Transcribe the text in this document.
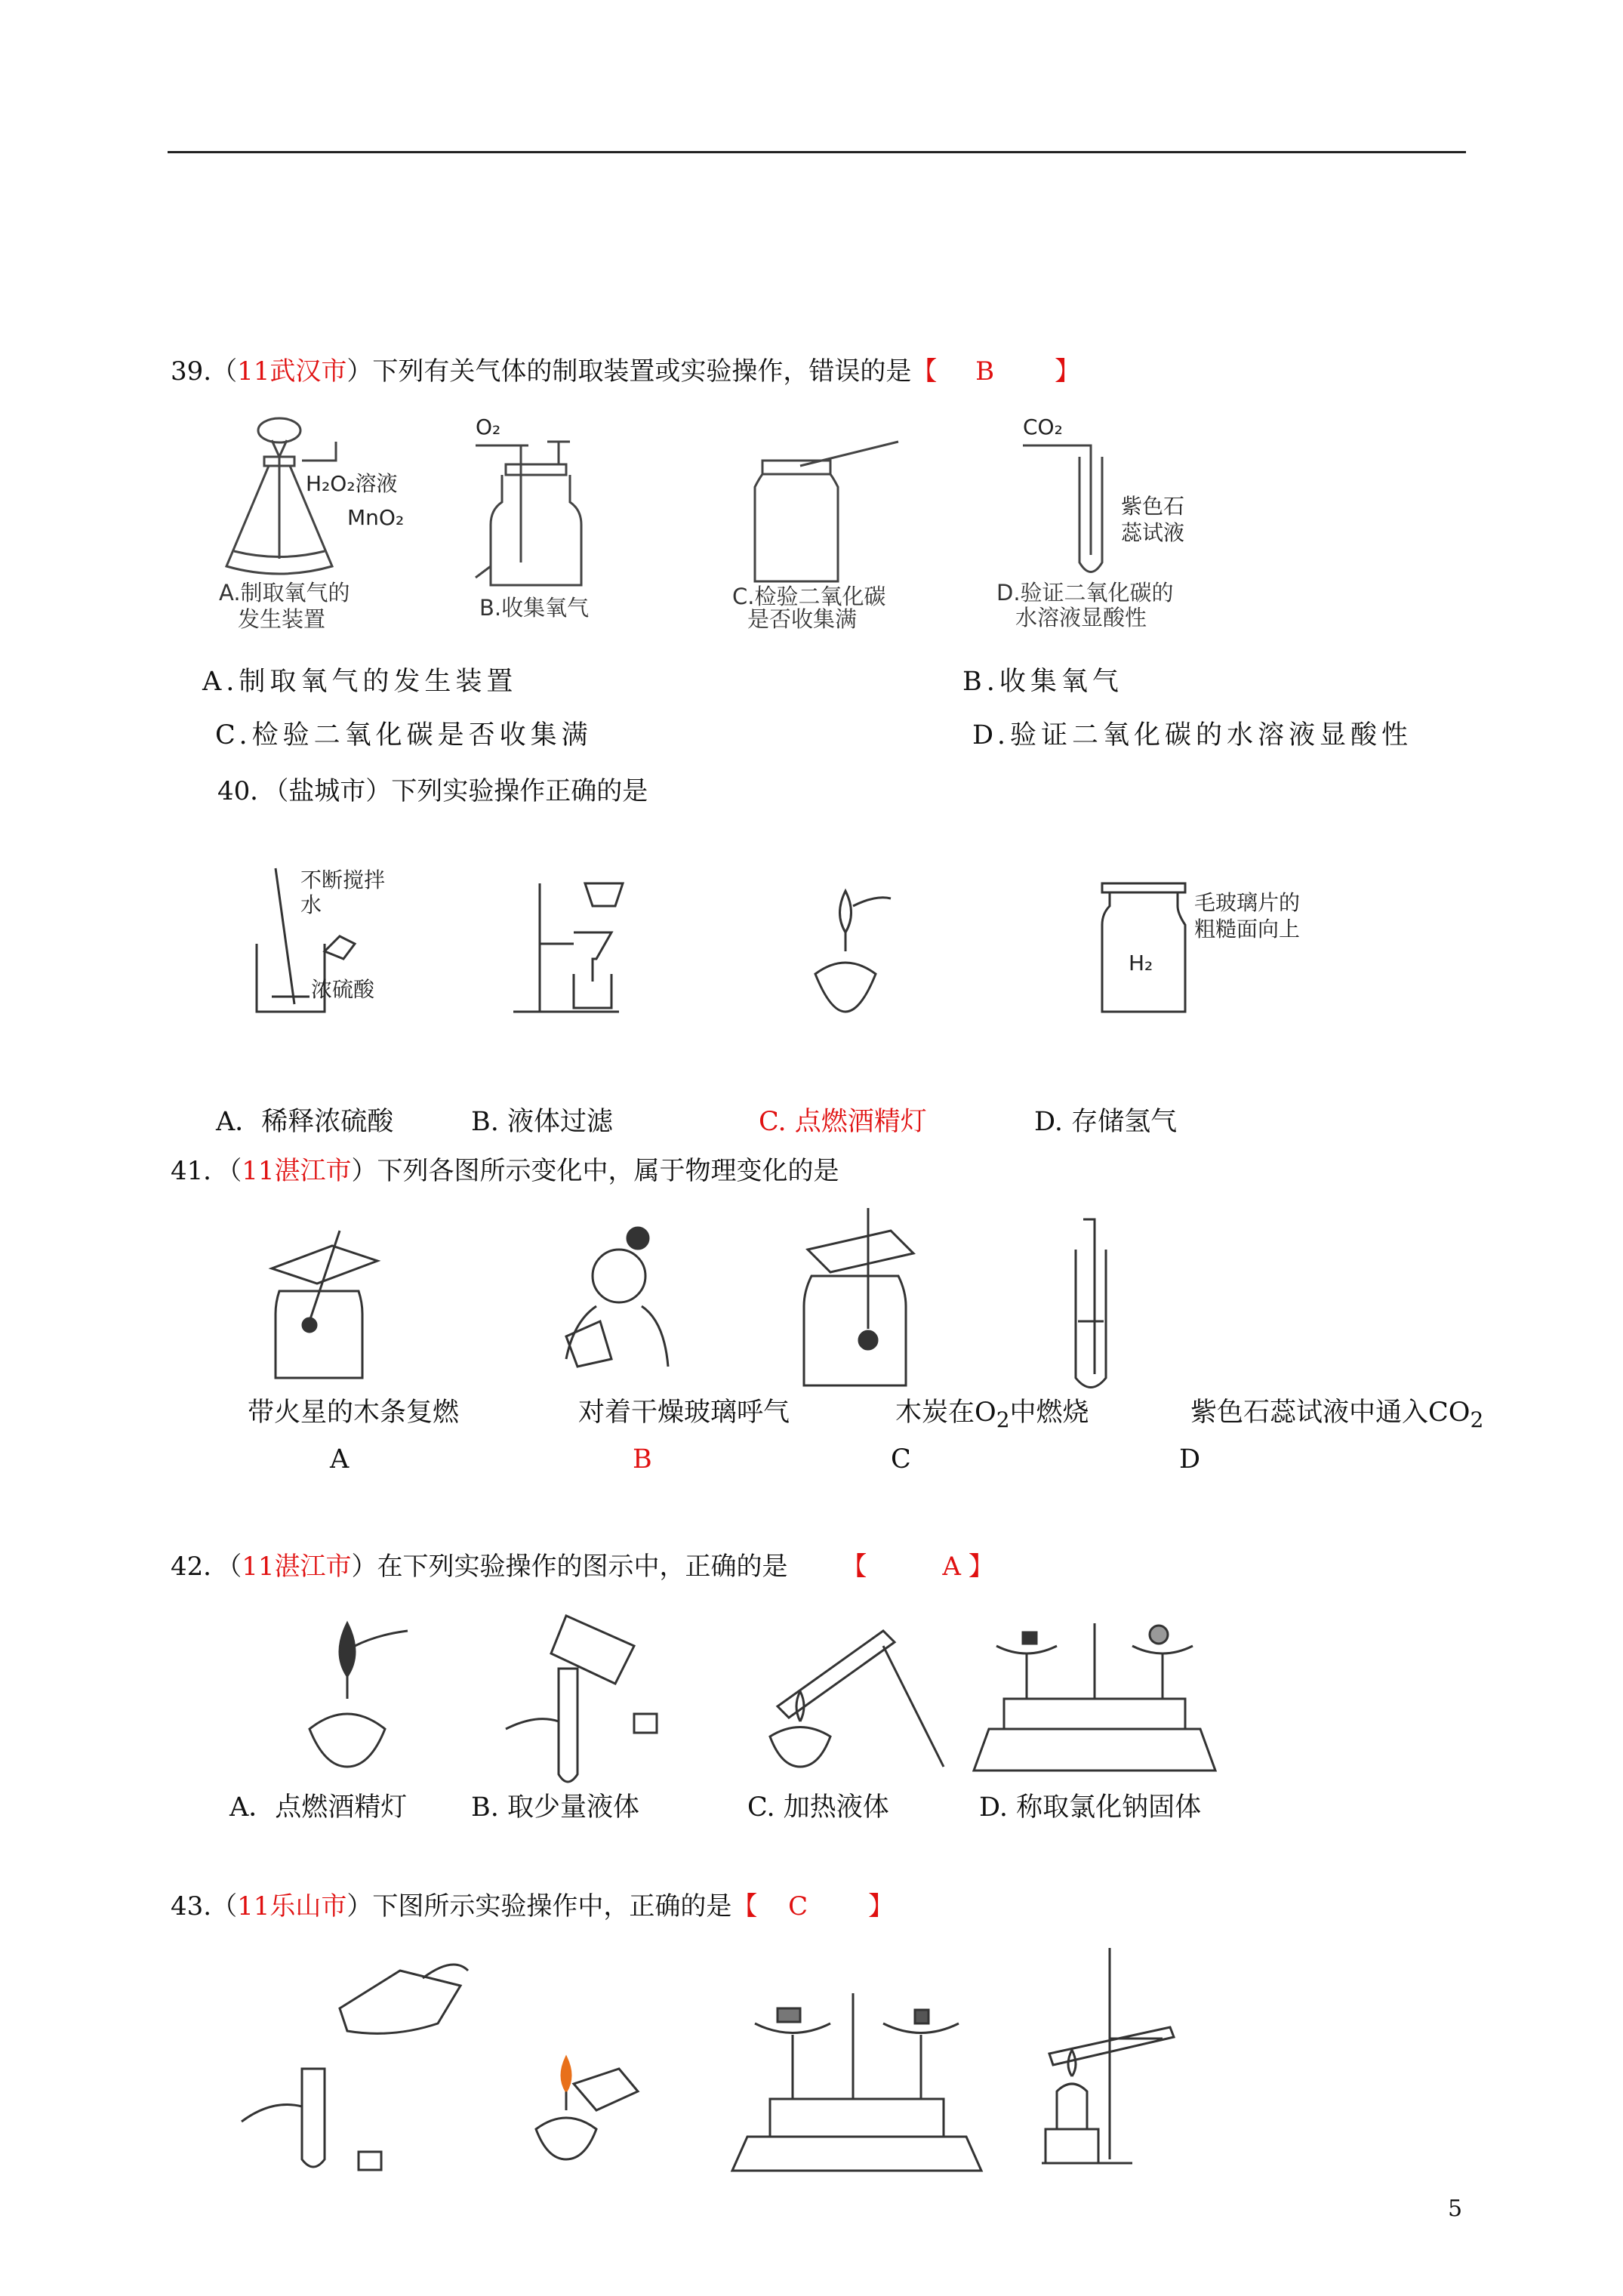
39.（11武汉市）下列有关气体的制取装置或实验操作，错误的是【 B 】
H₂O₂溶液
MnO₂
A.制取氧气的
发生装置
O₂
B.收集氧气	C.检验二氧化碳
是否收集满
CO₂
紫色石
蕊试液
D.验证二氧化碳的
水溶液显酸性
A.制取氧气的发生装置	B.收集氧气
C.检验二氧化碳是否收集满	D.验证二氧化碳的水溶液显酸性
40．（盐城市）下列实验操作正确的是
不断搅拌
水
浓硫酸
H₂
毛玻璃片的
粗糙面向上
A．稀释浓硫酸	B. 液体过滤	C. 点燃酒精灯	D. 存储氢气
41．（11湛江市）下列各图所示变化中，属于物理变化的是
带火星的木条复燃	对着干燥玻璃呼气	木炭在$O_2$中燃烧	紫色石蕊试液中通入$CO_2$
A	B	C	D
42．（11湛江市）在下列实验操作的图示中，正确的是 【	A 】
A．点燃酒精灯 B. 取少量液体	C. 加热液体	D. 称取氯化钠固体
43.（11乐山市）下图所示实验操作中，正确的是【 C 】
5
